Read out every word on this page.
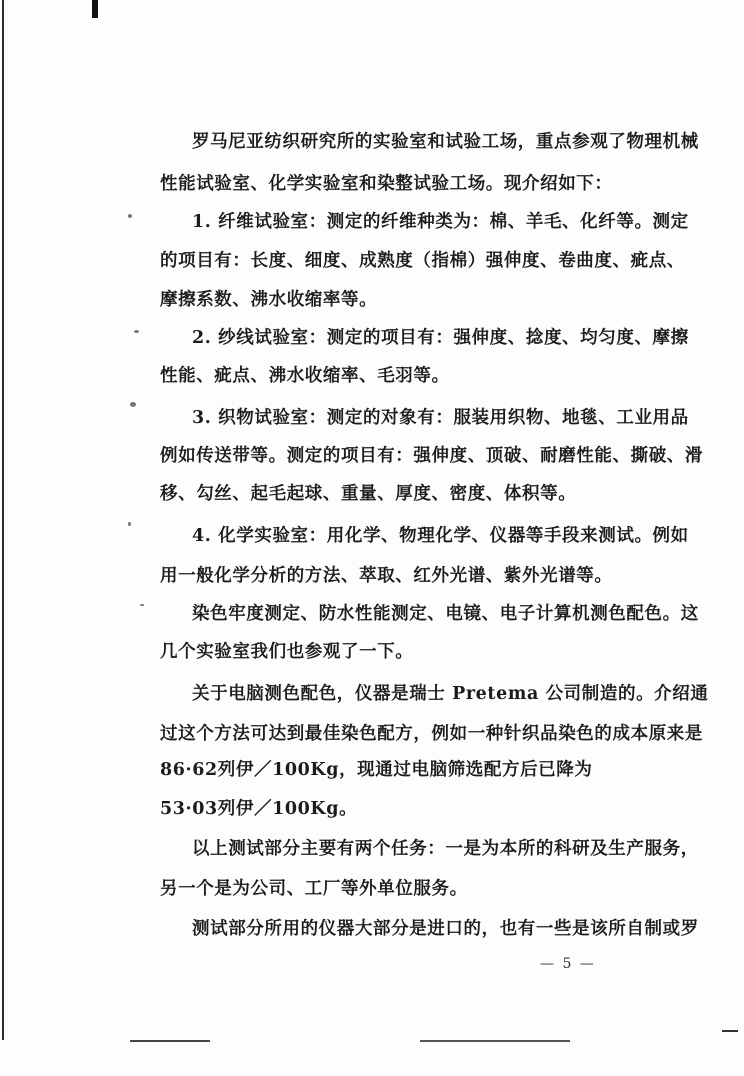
罗马尼亚纺织研究所的实验室和试验工场，重点参观了物理机械
性能试验室、化学实验室和染整试验工场。现介绍如下：
1. 纤维试验室：测定的纤维种类为：棉、羊毛、化纤等。测定
的项目有：长度、细度、成熟度（指棉）强伸度、卷曲度、疵点、
摩擦系数、沸水收缩率等。
2. 纱线试验室：测定的项目有：强伸度、捻度、均匀度、摩擦
性能、疵点、沸水收缩率、毛羽等。
3. 织物试验室：测定的对象有：服装用织物、地毯、工业用品
例如传送带等。测定的项目有：强伸度、顶破、耐磨性能、撕破、滑
移、勾丝、起毛起球、重量、厚度、密度、体积等。
4. 化学实验室：用化学、物理化学、仪器等手段来测试。例如
用一般化学分析的方法、萃取、红外光谱、紫外光谱等。
染色牢度测定、防水性能测定、电镜、电子计算机测色配色。这
几个实验室我们也参观了一下。
关于电脑测色配色，仪器是瑞士 Pretema 公司制造的。介绍通
过这个方法可达到最佳染色配方，例如一种针织品染色的成本原来是
86·62列伊／100Kg，现通过电脑筛选配方后已降为
53·03列伊／100Kg。
以上测试部分主要有两个任务：一是为本所的科研及生产服务，
另一个是为公司、工厂等外单位服务。
测试部分所用的仪器大部分是进口的，也有一些是该所自制或罗
— 5 —
